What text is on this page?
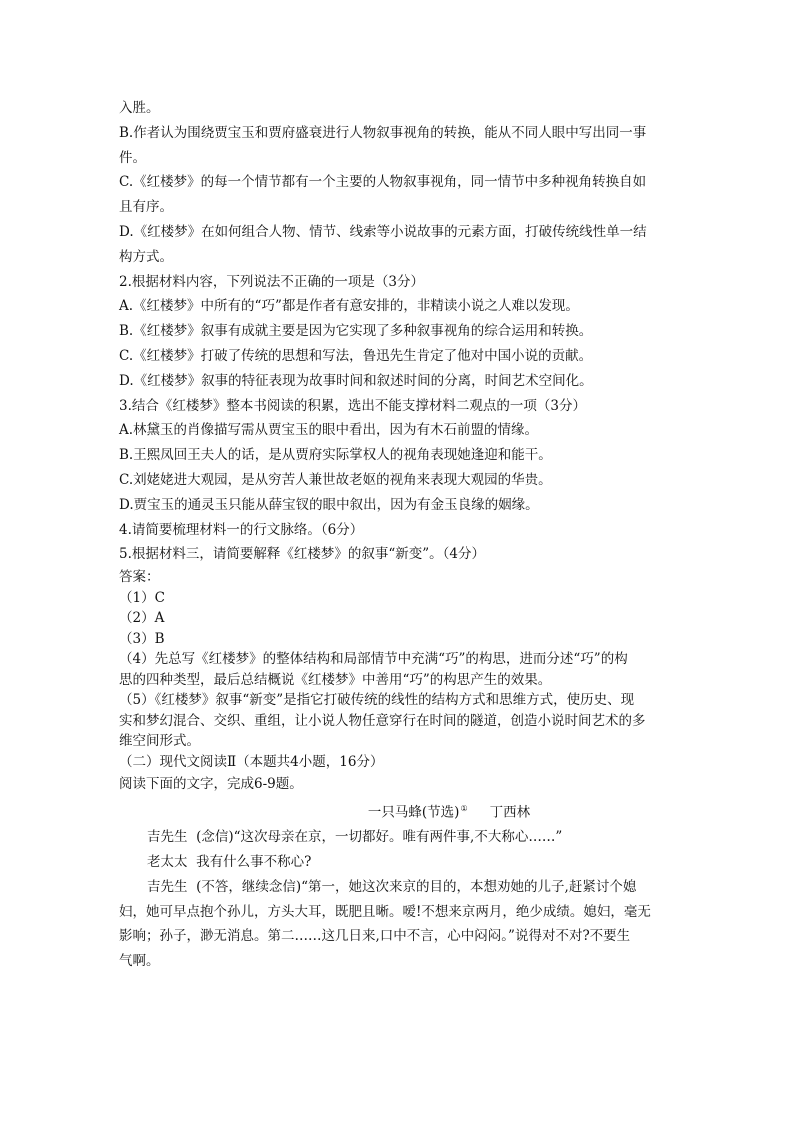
入胜。
B.作者认为围绕贾宝玉和贾府盛衰进行人物叙事视角的转换，能从不同人眼中写出同一事
件。
C.《红楼梦》的每一个情节都有一个主要的人物叙事视角，同一情节中多种视角转换自如
且有序。
D.《红楼梦》在如何组合人物、情节、线索等小说故事的元素方面，打破传统线性单一结
构方式。
2.根据材料内容，下列说法不正确的一项是（3分）
A.《红楼梦》中所有的“巧”都是作者有意安排的，非精读小说之人难以发现。
B.《红楼梦》叙事有成就主要是因为它实现了多种叙事视角的综合运用和转换。
C.《红楼梦》打破了传统的思想和写法，鲁迅先生肯定了他对中国小说的贡献。
D.《红楼梦》叙事的特征表现为故事时间和叙述时间的分离，时间艺术空间化。
3.结合《红楼梦》整本书阅读的积累，选出不能支撑材料二观点的一项（3分）
A.林黛玉的肖像描写需从贾宝玉的眼中看出，因为有木石前盟的情缘。
B.王熙凤回王夫人的话，是从贾府实际掌权人的视角表现她逢迎和能干。
C.刘姥姥进大观园，是从穷苦人兼世故老妪的视角来表现大观园的华贵。
D.贾宝玉的通灵玉只能从薛宝钗的眼中叙出，因为有金玉良缘的姻缘。
4.请简要梳理材料一的行文脉络。（6分）
5.根据材料三，请简要解释《红楼梦》的叙事“新变”。（4分）
答案：
（1）C
（2）A
（3）B
（4）先总写《红楼梦》的整体结构和局部情节中充满“巧”的构思，进而分述“巧”的构
思的四种类型，最后总结概说《红楼梦》中善用“巧”的构思产生的效果。
（5）《红楼梦》叙事“新变”是指它打破传统的线性的结构方式和思维方式，使历史、现
实和梦幻混合、交织、重组，让小说人物任意穿行在时间的隧道，创造小说时间艺术的多
维空间形式。
（二）现代文阅读Ⅱ（本题共4小题，16分）
阅读下面的文字，完成6-9题。
一只马蜂(节选)① 丁西林
吉先生 (念信)“这次母亲在京，一切都好。唯有两件事,不大称心……”
老太太 我有什么事不称心?
吉先生 (不答，继续念信)“第一，她这次来京的目的，本想劝她的儿子,赶紧讨个媳
妇，她可早点抱个孙儿，方头大耳，既肥且晰。嗳!不想来京两月，绝少成绩。媳妇，毫无
影响；孙子，渺无消息。第二……这几日来,口中不言，心中闷闷。”说得对不对?不要生
气啊。
